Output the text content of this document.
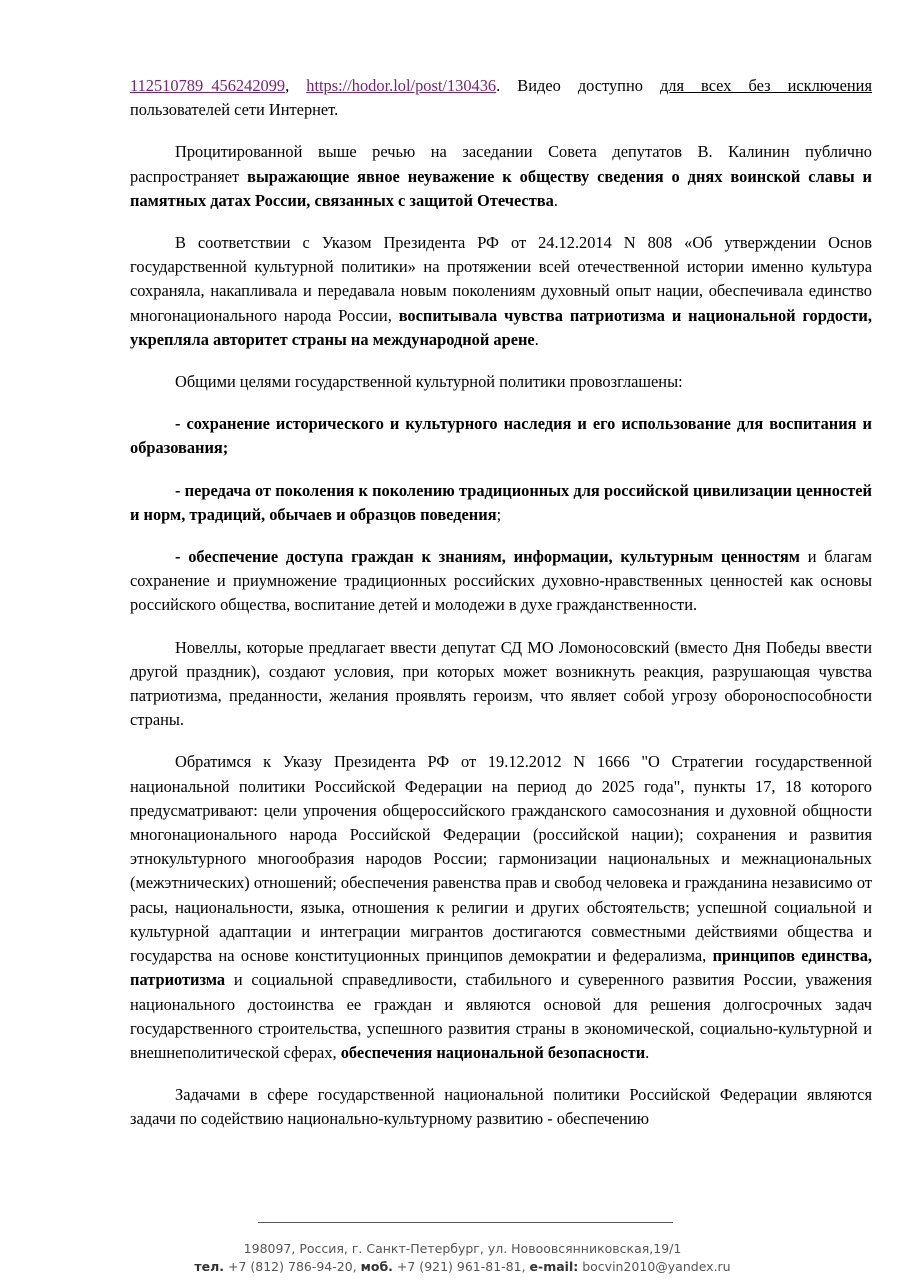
112510789_456242099, https://hodor.lol/post/130436. Видео доступно для всех без исключения пользователей сети Интернет.

Процитированной выше речью на заседании Совета депутатов В. Калинин публично распространяет выражающие явное неуважение к обществу сведения о днях воинской славы и памятных датах России, связанных с защитой Отечества.

В соответствии с Указом Президента РФ от 24.12.2014 N 808 «Об утверждении Основ государственной культурной политики» на протяжении всей отечественной истории именно культура сохраняла, накапливала и передавала новым поколениям духовный опыт нации, обеспечивала единство многонационального народа России, воспитывала чувства патриотизма и национальной гордости, укрепляла авторитет страны на международной арене.

Общими целями государственной культурной политики провозглашены:

- сохранение исторического и культурного наследия и его использование для воспитания и образования;

- передача от поколения к поколению традиционных для российской цивилизации ценностей и норм, традиций, обычаев и образцов поведения;

- обеспечение доступа граждан к знаниям, информации, культурным ценностям и благам сохранение и приумножение традиционных российских духовно-нравственных ценностей как основы российского общества, воспитание детей и молодежи в духе гражданственности.

Новеллы, которые предлагает ввести депутат СД МО Ломоносовский (вместо Дня Победы ввести другой праздник), создают условия, при которых может возникнуть реакция, разрушающая чувства патриотизма, преданности, желания проявлять героизм, что являет собой угрозу обороноспособности страны.

Обратимся к Указу Президента РФ от 19.12.2012 N 1666 "О Стратегии государственной национальной политики Российской Федерации на период до 2025 года", пункты 17, 18 которого предусматривают: цели упрочения общероссийского гражданского самосознания и духовной общности многонационального народа Российской Федерации (российской нации); сохранения и развития этнокультурного многообразия народов России; гармонизации национальных и межнациональных (межэтнических) отношений; обеспечения равенства прав и свобод человека и гражданина независимо от расы, национальности, языка, отношения к религии и других обстоятельств; успешной социальной и культурной адаптации и интеграции мигрантов достигаются совместными действиями общества и государства на основе конституционных принципов демократии и федерализма, принципов единства, патриотизма и социальной справедливости, стабильного и суверенного развития России, уважения национального достоинства ее граждан и являются основой для решения долгосрочных задач государственного строительства, успешного развития страны в экономической, социально-культурной и внешнеполитической сферах, обеспечения национальной безопасности.

Задачами в сфере государственной национальной политики Российской Федерации являются задачи по содействию национально-культурному развитию - обеспечению

198097, Россия, г. Санкт-Петербург, ул. Новоовсянниковская,19/1
тел. +7 (812) 786-94-20, моб. +7 (921) 961-81-81, e-mail: bocvin2010@yandex.ru
